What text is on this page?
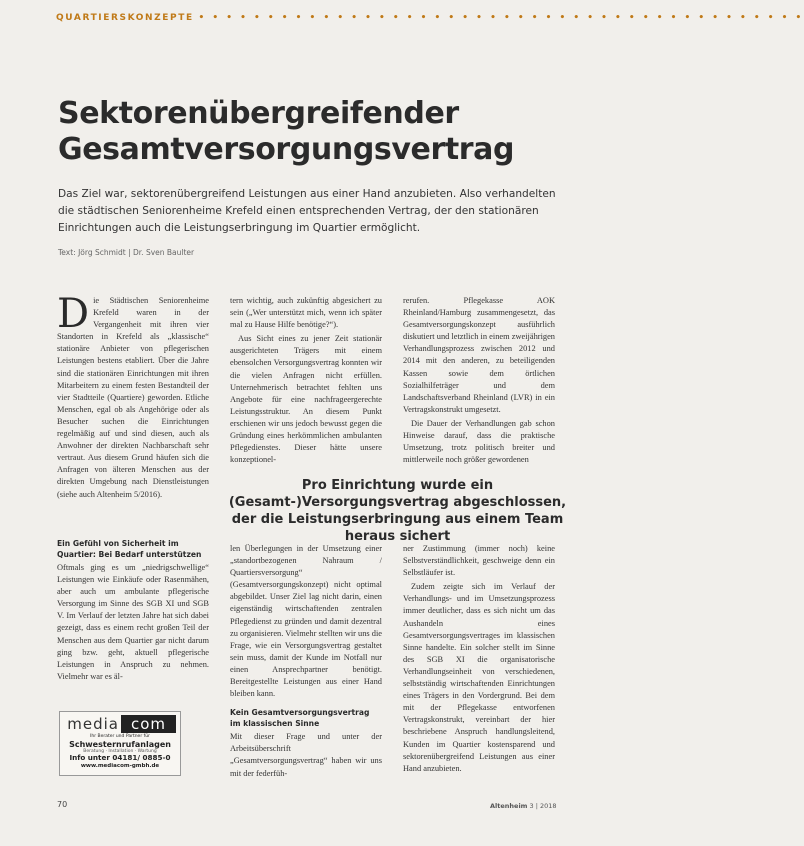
QUARTIERSKONZEPTE • • • • • • • • • • • • • • • • • • • • • • • • • • • • • • • • • • • • • • • • • • • •
Sektorenübergreifender
Gesamtversorgungsvertrag

Das Ziel war, sektorenübergreifend Leistungen aus einer Hand anzubieten. Also verhandelten die städtischen Seniorenheime Krefeld einen entsprechenden Vertrag, der den stationären Einrichtungen auch die Leistungserbringung im Quartier ermöglicht.

Text: Jörg Schmidt | Dr. Sven Baulter
D ie Städtischen Seniorenheime Krefeld waren in der Vergangenheit mit ihren vier Standorten in Krefeld als „klassische“ stationäre Anbieter von pflegerischen Leistungen bestens etabliert. Über die Jahre sind die stationären Einrichtungen mit ihren Mitarbeitern zu einem festen Bestandteil der vier Stadtteile (Quartiere) geworden. Etliche Menschen, egal ob als Angehörige oder als Besucher suchen die Einrichtungen regelmäßig auf und sind diesen, auch als Anwohner der direkten Nachbarschaft sehr vertraut. Aus diesem Grund häufen sich die Anfragen von älteren Menschen aus der direkten Umgebung nach Dienstleistungen (siehe auch Altenheim 5/2016).

tern wichtig, auch zukünftig abgesichert zu sein („Wer unterstützt mich, wenn ich später mal zu Hause Hilfe benötige?“).

Aus Sicht eines zu jener Zeit stationär ausgerichteten Trägers mit einem ebensolchen Versorgungsvertrag konnten wir die vielen Anfragen nicht erfüllen. Unternehmerisch betrachtet fehlten uns Angebote für eine nachfrageergerechte Leistungsstruktur. An diesem Punkt erschienen wir uns jedoch bewusst gegen die Gründung eines herkömmlichen ambulanten Pflegedienstes. Dieser hätte unsere konzeptionel-

rerufen. Pflegekasse AOK Rheinland/Hamburg zusammengesetzt, das Gesamtversorgungskonzept ausführlich diskutiert und letztlich in einem zweijährigen Verhandlungsprozess zwischen 2012 und 2014 mit den anderen, zu beteiligenden Kassen sowie dem örtlichen Sozialhilfeträger und dem Landschaftsverband Rheinland (LVR) in ein Vertragskonstrukt umgesetzt.

Die Dauer der Verhandlungen gab schon Hinweise darauf, dass die praktische Umsetzung, trotz politisch breiter und mittlerweile noch größer gewordenen

Pro Einrichtung wurde ein (Gesamt-)Versorgungsvertrag abgeschlossen, der die Leistungserbringung aus einem Team heraus sichert
Ein Gefühl von Sicherheit im Quartier: Bei Bedarf unterstützen

Oftmals ging es um „niedrigschwellige“ Leistungen wie Einkäufe oder Rasenmähen, aber auch um ambulante pflegerische Versorgung im Sinne des SGB XI und SGB V. Im Verlauf der letzten Jahre hat sich dabei gezeigt, dass es einem recht großen Teil der Menschen aus dem Quartier gar nicht darum ging bzw. geht, aktuell pflegerische Leistungen in Anspruch zu nehmen. Vielmehr war es äl-

len Überlegungen in der Umsetzung einer „standortbezogenen Nahraum / Quartiersversorgung“ (Gesamtversorgungskonzept) nicht optimal abgebildet. Unser Ziel lag nicht darin, einen eigenständig wirtschaftenden zentralen Pflegedienst zu gründen und damit dezentral zu organisieren. Vielmehr stellten wir uns die Frage, wie ein Versorgungsvertrag gestaltet sein muss, damit der Kunde im Notfall nur einen Ansprechpartner benötigt. Bereitgestellte Leistungen aus einer Hand bleiben kann.

Kein Gesamtversorgungsvertrag im klassischen Sinne

Mit dieser Frage und unter der Arbeitsüberschrift „Gesamtversorgungsvertrag“ haben wir uns mit der federfüh-

ner Zustimmung (immer noch) keine Selbstverständlichkeit, geschweige denn ein Selbstläufer ist.

Zudem zeigte sich im Verlauf der Verhandlungs- und im Umsetzungsprozess immer deutlicher, dass es sich nicht um das Aushandeln eines Gesamtversorgungsvertrages im klassischen Sinne handelte. Ein solcher stellt im Sinne des SGB XI die organisatorische Verhandlungseinheit von verschiedenen, selbstständig wirtschaftenden Einrichtungen eines Trägers in den Vordergrund. Bei dem mit der Pflegekasse entworfenen Vertragskonstrukt, vereinbart der hier beschriebene Anspruch handlungsleitend, Kunden im Quartier kostensparend und sektorenübergreifend Leistungen aus einer Hand anzubieten.

media com
Ihr Berater und Partner für
Schwesternrufanlagen
Beratung · Installation · Wartung
Info unter 04181/ 0885-0
www.mediacom-gmbh.de
70	Altenheim 3 | 2018
